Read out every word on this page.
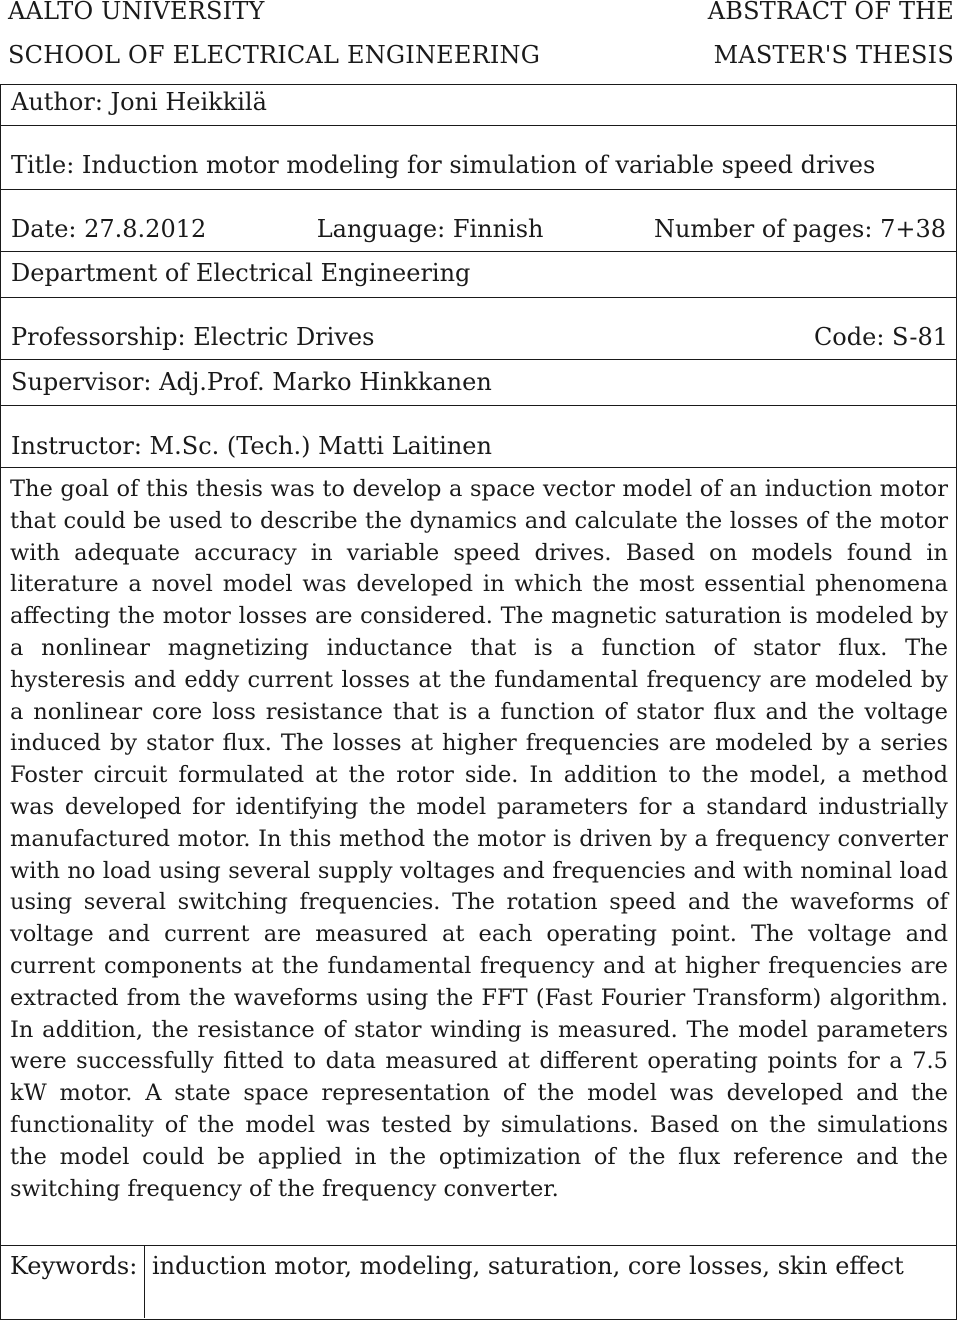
AALTO UNIVERSITY
SCHOOL OF ELECTRICAL ENGINEERING
ABSTRACT OF THE
MASTER'S THESIS
Author: Joni Heikkilä
Title: Induction motor modeling for simulation of variable speed drives
Date: 27.8.2012	Language: Finnish	Number of pages: 7+38
Department of Electrical Engineering
Professorship: Electric Drives	Code: S-81
Supervisor: Adj.Prof. Marko Hinkkanen
Instructor: M.Sc. (Tech.) Matti Laitinen
The goal of this thesis was to develop a space vector model of an induction motor that could be used to describe the dynamics and calculate the losses of the motor with adequate accuracy in variable speed drives. Based on models found in literature a novel model was developed in which the most essential phenomena affecting the motor losses are considered. The magnetic saturation is modeled by a nonlinear magnetizing inductance that is a function of stator flux. The hysteresis and eddy current losses at the fundamental frequency are modeled by a nonlinear core loss resistance that is a function of stator flux and the voltage induced by stator flux. The losses at higher frequencies are modeled by a series Foster circuit formulated at the rotor side. In addition to the model, a method was developed for identifying the model parameters for a standard industrially manufactured motor. In this method the motor is driven by a frequency converter with no load using several supply voltages and frequencies and with nominal load using several switching frequencies. The rotation speed and the waveforms of voltage and current are measured at each operating point. The voltage and current components at the fundamental frequency and at higher frequencies are extracted from the waveforms using the FFT (Fast Fourier Transform) algorithm. In addition, the resistance of stator winding is measured. The model parameters were successfully fitted to data measured at different operating points for a 7.5 kW motor. A state space representation of the model was developed and the functionality of the model was tested by simulations. Based on the simulations the model could be applied in the optimization of the flux reference and the switching frequency of the frequency converter.
Keywords: induction motor, modeling, saturation, core losses, skin effect
